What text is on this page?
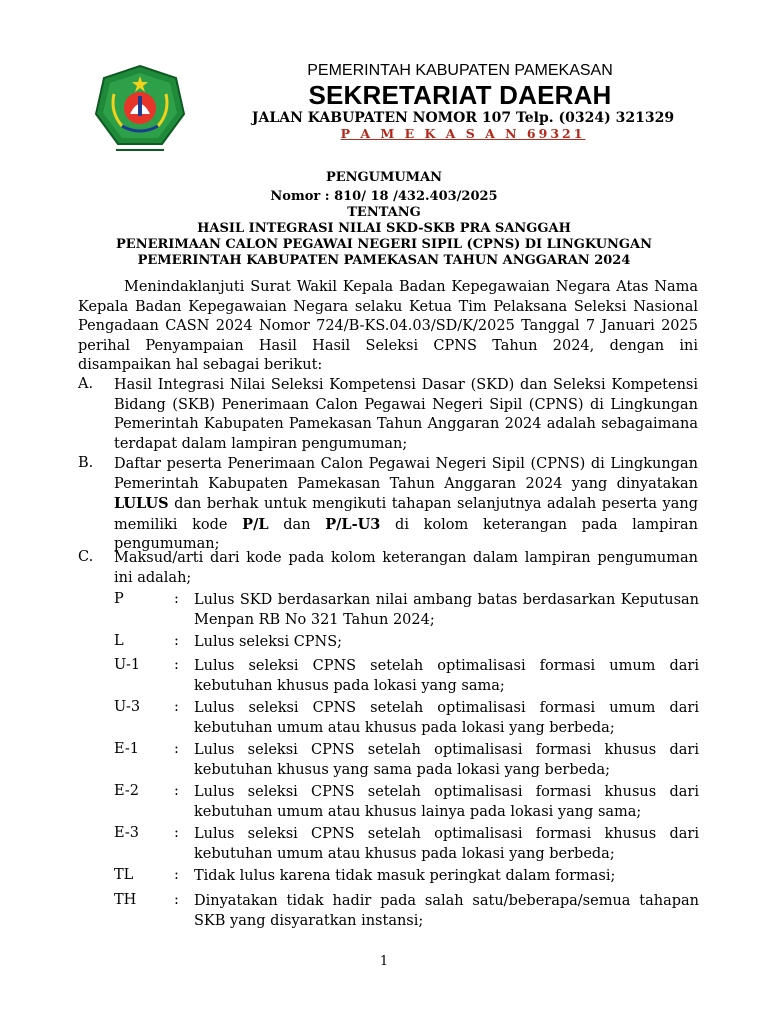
PEMERINTAH KABUPATEN PAMEKASAN
SEKRETARIAT DAERAH
JALAN KABUPATEN NOMOR 107 Telp. (0324) 321329
P A M E K A S A N 69321
PENGUMUMAN
Nomor : 810/ 18 /432.403/2025
TENTANG
HASIL INTEGRASI NILAI SKD-SKB PRA SANGGAH
PENERIMAAN CALON PEGAWAI NEGERI SIPIL (CPNS) DI LINGKUNGAN
PEMERINTAH KABUPATEN PAMEKASAN TAHUN ANGGARAN 2024
Menindaklanjuti Surat Wakil Kepala Badan Kepegawaian Negara Atas Nama Kepala Badan Kepegawaian Negara selaku Ketua Tim Pelaksana Seleksi Nasional Pengadaan CASN 2024 Nomor 724/B-KS.04.03/SD/K/2025 Tanggal 7 Januari 2025 perihal Penyampaian Hasil Hasil Seleksi CPNS Tahun 2024, dengan ini disampaikan hal sebagai berikut:
A. Hasil Integrasi Nilai Seleksi Kompetensi Dasar (SKD) dan Seleksi Kompetensi Bidang (SKB) Penerimaan Calon Pegawai Negeri Sipil (CPNS) di Lingkungan Pemerintah Kabupaten Pamekasan Tahun Anggaran 2024 adalah sebagaimana terdapat dalam lampiran pengumuman;
B. Daftar peserta Penerimaan Calon Pegawai Negeri Sipil (CPNS) di Lingkungan Pemerintah Kabupaten Pamekasan Tahun Anggaran 2024 yang dinyatakan LULUS dan berhak untuk mengikuti tahapan selanjutnya adalah peserta yang memiliki kode P/L dan P/L-U3 di kolom keterangan pada lampiran pengumuman;
C. Maksud/arti dari kode pada kolom keterangan dalam lampiran pengumuman ini adalah;
P	: Lulus SKD berdasarkan nilai ambang batas berdasarkan Keputusan Menpan RB No 321 Tahun 2024;
L	: Lulus seleksi CPNS;
U-1 : Lulus seleksi CPNS setelah optimalisasi formasi umum dari kebutuhan khusus pada lokasi yang sama;
U-3 : Lulus seleksi CPNS setelah optimalisasi formasi umum dari kebutuhan umum atau khusus pada lokasi yang berbeda;
E-1 : Lulus seleksi CPNS setelah optimalisasi formasi khusus dari kebutuhan khusus yang sama pada lokasi yang berbeda;
E-2 : Lulus seleksi CPNS setelah optimalisasi formasi khusus dari kebutuhan umum atau khusus lainya pada lokasi yang sama;
E-3 : Lulus seleksi CPNS setelah optimalisasi formasi khusus dari kebutuhan umum atau khusus pada lokasi yang berbeda;
TL	: Tidak lulus karena tidak masuk peringkat dalam formasi;
TH	: Dinyatakan tidak hadir pada salah satu/beberapa/semua tahapan SKB yang disyaratkan instansi;
1
